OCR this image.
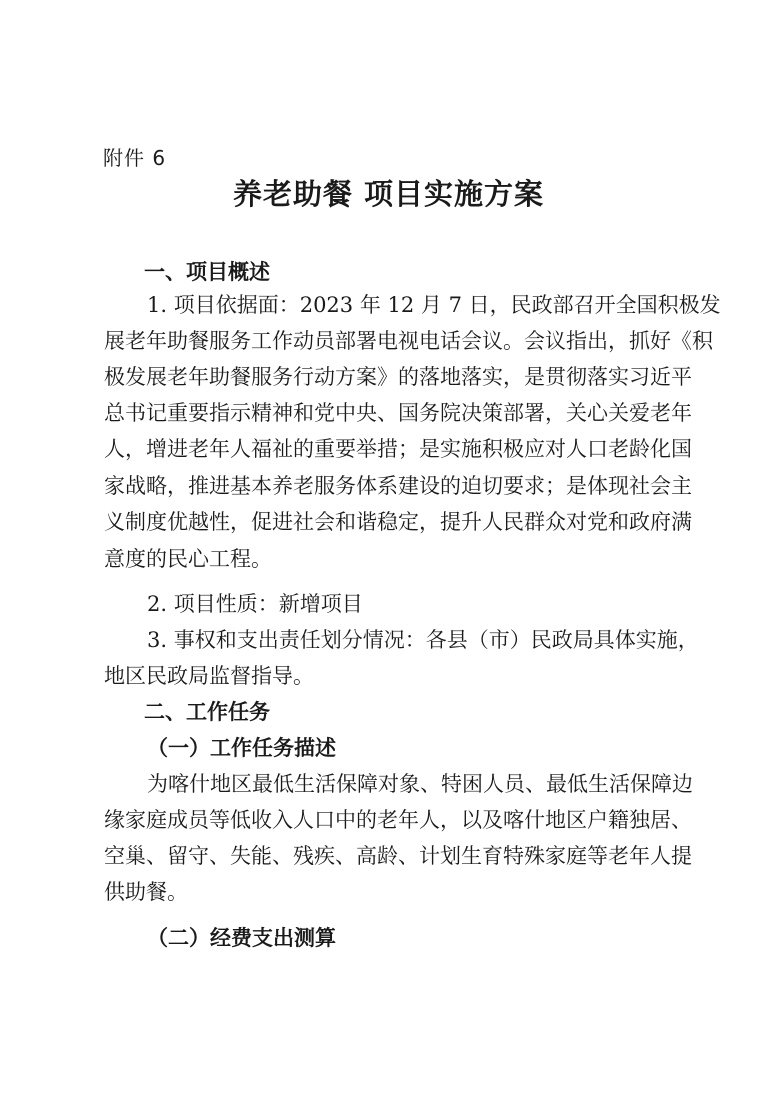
附件 6
养老助餐 项目实施方案
一、项目概述
1. 项目依据面：2023 年 12 月 7 日，民政部召开全国积极发
展老年助餐服务工作动员部署电视电话会议。会议指出，抓好《积
极发展老年助餐服务行动方案》的落地落实，是贯彻落实习近平
总书记重要指示精神和党中央、国务院决策部署，关心关爱老年
人，增进老年人福祉的重要举措；是实施积极应对人口老龄化国
家战略，推进基本养老服务体系建设的迫切要求；是体现社会主
义制度优越性，促进社会和谐稳定，提升人民群众对党和政府满
意度的民心工程。
2. 项目性质：新增项目
3. 事权和支出责任划分情况：各县（市）民政局具体实施，
地区民政局监督指导。
二、工作任务
（一）工作任务描述
为喀什地区最低生活保障对象、特困人员、最低生活保障边
缘家庭成员等低收入人口中的老年人，以及喀什地区户籍独居、
空巢、留守、失能、残疾、高龄、计划生育特殊家庭等老年人提
供助餐。
（二）经费支出测算
